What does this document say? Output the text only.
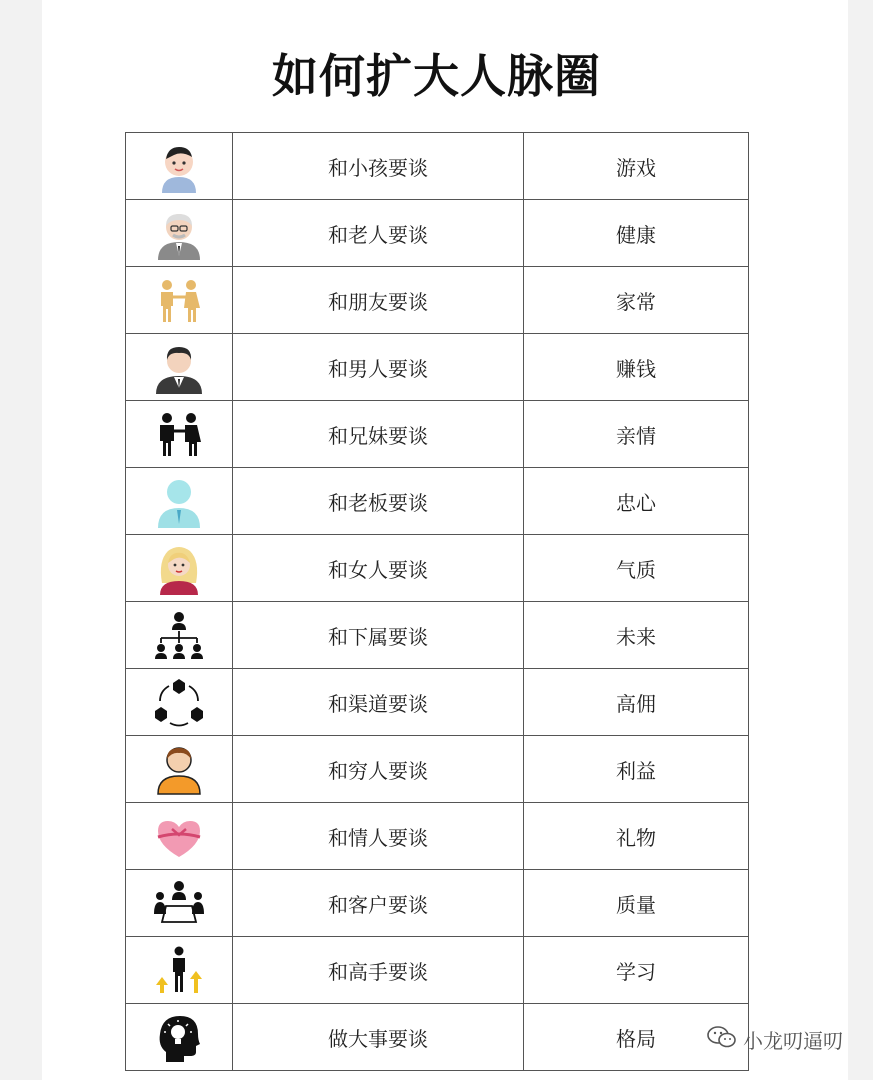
如何扩大人脉圈
	和小孩要谈	游戏

	和老人要谈	健康

	和朋友要谈	家常

	和男人要谈	赚钱

	和兄妹要谈	亲情

	和老板要谈	忠心

	和女人要谈	气质

	和下属要谈	未来

	和渠道要谈	高佣

	和穷人要谈	利益

	和情人要谈	礼物

	和客户要谈	质量

	和高手要谈	学习

	做大事要谈	格局	小龙叨逼叨
